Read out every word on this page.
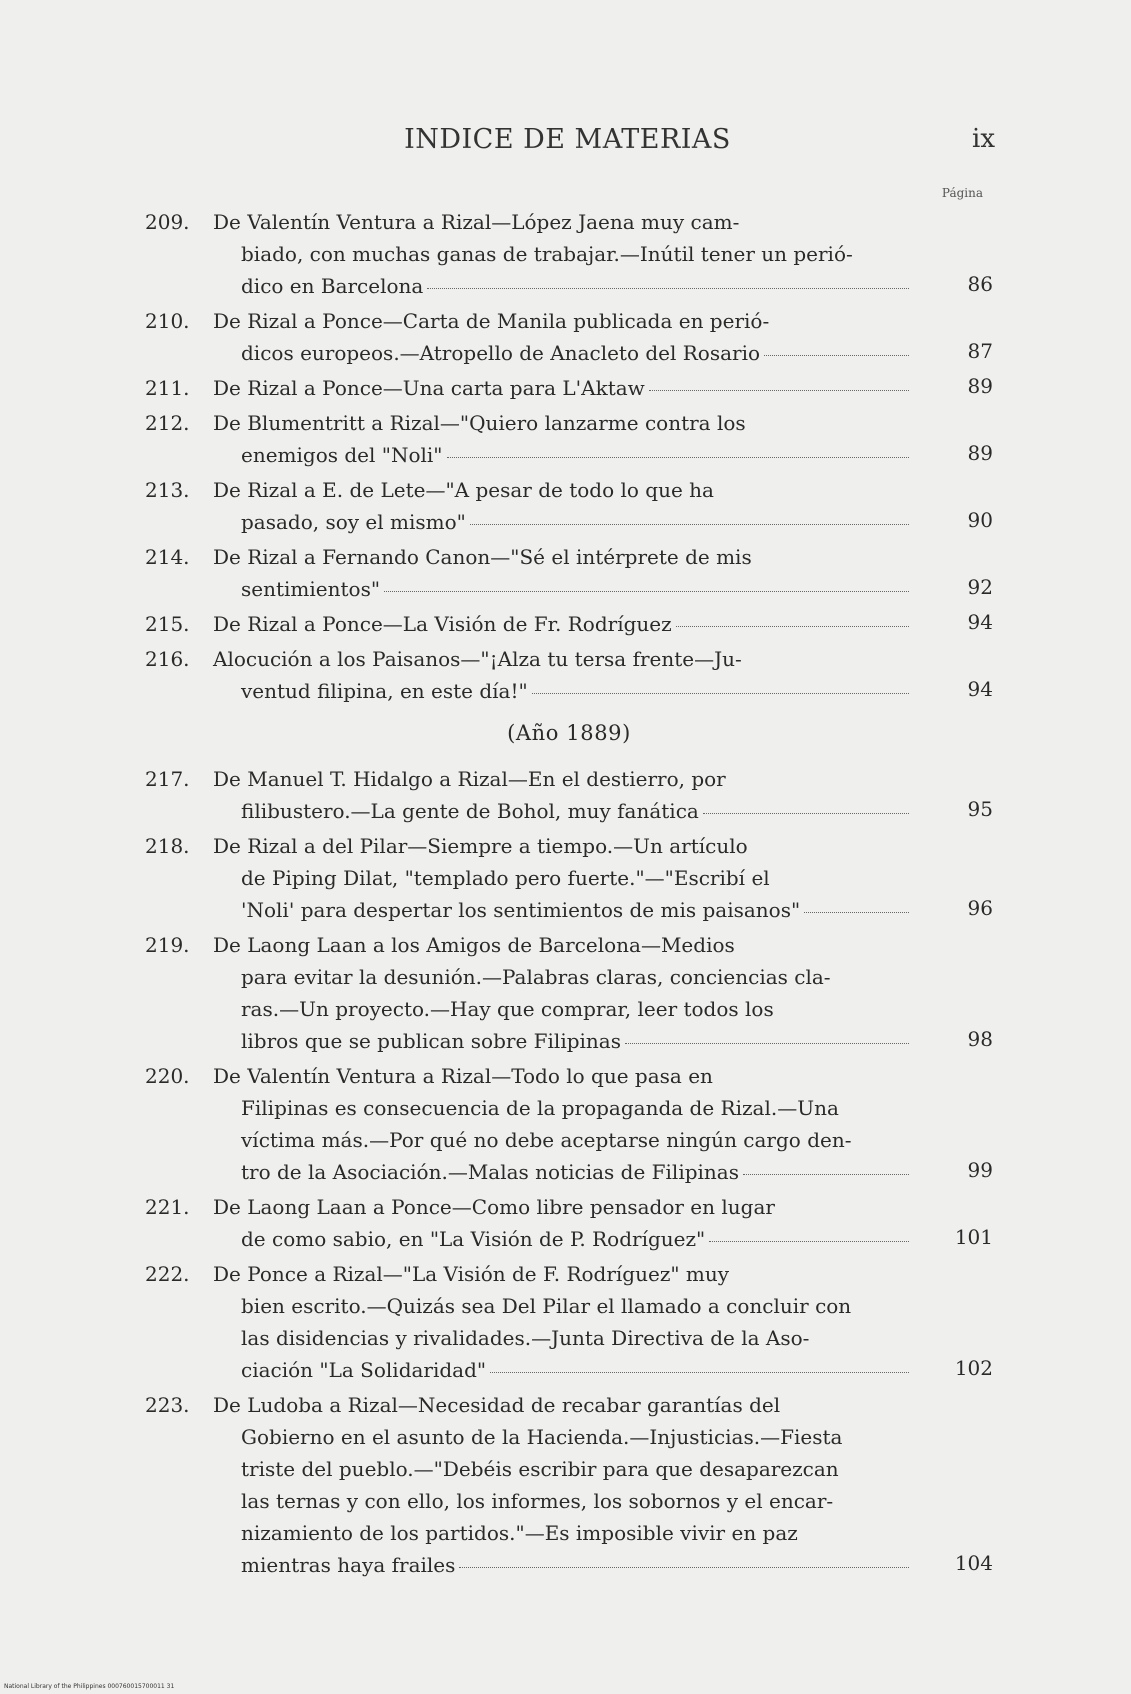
INDICE DE MATERIAS	ix
Página
209.	De Valentín Ventura a Rizal—López Jaena muy cam-
biado, con muchas ganas de trabajar.—Inútil tener un perió-
dico en Barcelona	86
210.	De Rizal a Ponce—Carta de Manila publicada en perió-
dicos europeos.—Atropello de Anacleto del Rosario	87
211.	De Rizal a Ponce—Una carta para L'Aktaw	89
212.	De Blumentritt a Rizal—"Quiero lanzarme contra los
enemigos del "Noli"	89
213.	De Rizal a E. de Lete—"A pesar de todo lo que ha
pasado, soy el mismo"	90
214.	De Rizal a Fernando Canon—"Sé el intérprete de mis
sentimientos"	92
215.	De Rizal a Ponce—La Visión de Fr. Rodríguez	94
216.	Alocución a los Paisanos—"¡Alza tu tersa frente—Ju-
ventud filipina, en este día!"	94
(Año 1889)
217.	De Manuel T. Hidalgo a Rizal—En el destierro, por
filibustero.—La gente de Bohol, muy fanática	95
218.	De Rizal a del Pilar—Siempre a tiempo.—Un artículo
de Piping Dilat, "templado pero fuerte."—"Escribí el
'Noli' para despertar los sentimientos de mis paisanos"	96
219.	De Laong Laan a los Amigos de Barcelona—Medios
para evitar la desunión.—Palabras claras, conciencias cla-
ras.—Un proyecto.—Hay que comprar, leer todos los
libros que se publican sobre Filipinas	98
220.	De Valentín Ventura a Rizal—Todo lo que pasa en
Filipinas es consecuencia de la propaganda de Rizal.—Una
víctima más.—Por qué no debe aceptarse ningún cargo den-
tro de la Asociación.—Malas noticias de Filipinas	99
221.	De Laong Laan a Ponce—Como libre pensador en lugar
de como sabio, en "La Visión de P. Rodríguez"	101
222.	De Ponce a Rizal—"La Visión de F. Rodríguez" muy
bien escrito.—Quizás sea Del Pilar el llamado a concluir con
las disidencias y rivalidades.—Junta Directiva de la Aso-
ciación "La Solidaridad"	102
223.	De Ludoba a Rizal—Necesidad de recabar garantías del
Gobierno en el asunto de la Hacienda.—Injusticias.—Fiesta
triste del pueblo.—"Debéis escribir para que desaparezcan
las ternas y con ello, los informes, los sobornos y el encar-
nizamiento de los partidos."—Es imposible vivir en paz
mientras haya frailes	104
National Library of the Philippines 000760015700011 31
